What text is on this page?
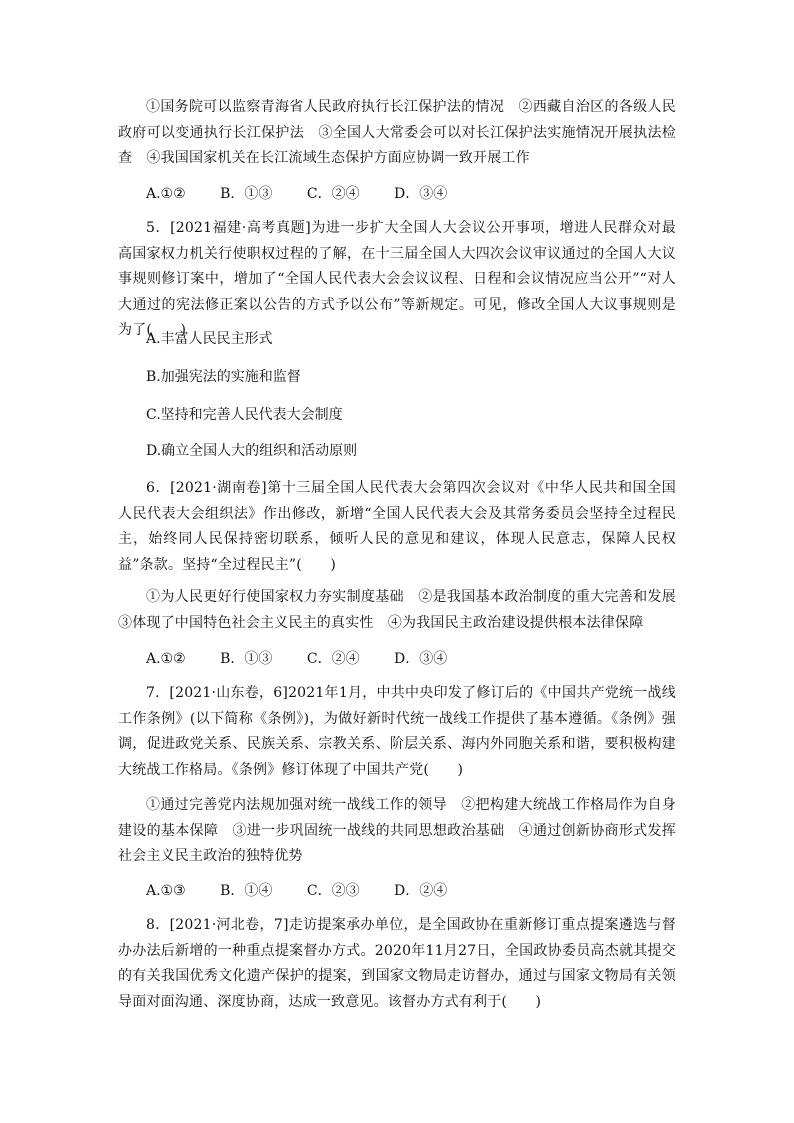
①国务院可以监察青海省人民政府执行长江保护法的情况　②西藏自治区的各级人民政府可以变通执行长江保护法　③全国人大常委会可以对长江保护法实施情况开展执法检查　④我国国家机关在长江流域生态保护方面应协调一致开展工作

A.①② B．①③ C．②④ D．③④

5．[2021福建·高考真题]为进一步扩大全国人大会议公开事项，增进人民群众对最高国家权力机关行使职权过程的了解，在十三届全国人大四次会议审议通过的全国人大议事规则修订案中，增加了“全国人民代表大会会议议程、日程和会议情况应当公开”“对人大通过的宪法修正案以公告的方式予以公布”等新规定。可见，修改全国人大议事规则是为了(　　)

A.丰富人民民主形式

B.加强宪法的实施和监督

C.坚持和完善人民代表大会制度

D.确立全国人大的组织和活动原则

6．[2021·湖南卷]第十三届全国人民代表大会第四次会议对《中华人民共和国全国人民代表大会组织法》作出修改，新增“全国人民代表大会及其常务委员会坚持全过程民主，始终同人民保持密切联系，倾听人民的意见和建议，体现人民意志，保障人民权益”条款。坚持“全过程民主”(　　)

①为人民更好行使国家权力夯实制度基础　②是我国基本政治制度的重大完善和发展③体现了中国特色社会主义民主的真实性　④为我国民主政治建设提供根本法律保障

A.①② B．①③ C．②④ D．③④

7．[2021·山东卷，6]2021年1月，中共中央印发了修订后的《中国共产党统一战线工作条例》(以下简称《条例》)，为做好新时代统一战线工作提供了基本遵循。《条例》强调，促进政党关系、民族关系、宗教关系、阶层关系、海内外同胞关系和谐，要积极构建大统战工作格局。《条例》修订体现了中国共产党(　　)

①通过完善党内法规加强对统一战线工作的领导　②把构建大统战工作格局作为自身建设的基本保障　③进一步巩固统一战线的共同思想政治基础　④通过创新协商形式发挥社会主义民主政治的独特优势

A.①③ B．①④ C．②③ D．②④

8．[2021·河北卷，7]走访提案承办单位，是全国政协在重新修订重点提案遴选与督办办法后新增的一种重点提案督办方式。2020年11月27日，全国政协委员高杰就其提交的有关我国优秀文化遗产保护的提案，到国家文物局走访督办，通过与国家文物局有关领导面对面沟通、深度协商，达成一致意见。该督办方式有利于(　　)
